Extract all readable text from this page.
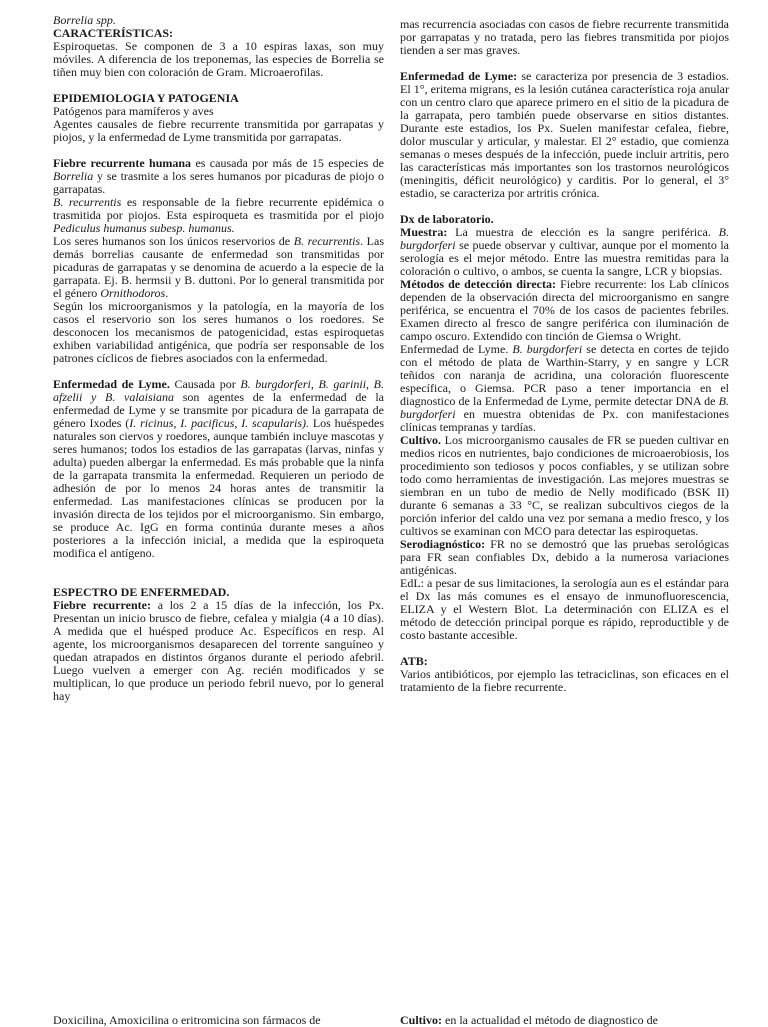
Borrelia spp.

CARACTERÍSTICAS:

Espiroquetas. Se componen de 3 a 10 espiras laxas, son muy móviles. A diferencia de los treponemas, las especies de Borrelia se tiñen muy bien con coloración de Gram. Microaerofilas.

EPIDEMIOLOGIA Y PATOGENIA

Patógenos para mamíferos y aves

Agentes causales de fiebre recurrente transmitida por garrapatas y piojos, y la enfermedad de Lyme transmitida por garrapatas.

Fiebre recurrente humana es causada por más de 15 especies de Borrelia y se trasmite a los seres humanos por picaduras de piojo o garrapatas.

B. recurrentis es responsable de la fiebre recurrente epidémica o trasmitida por piojos. Esta espiroqueta es trasmitida por el piojo Pediculus humanus subesp. humanus.

Los seres humanos son los únicos reservorios de B. recurrentis. Las demás borrelias causante de enfermedad son transmitidas por picaduras de garrapatas y se denomina de acuerdo a la especie de la garrapata. Ej. B. hermsii y B. duttoni. Por lo general transmitida por el género Ornithodoros.

Según los microorganismos y la patología, en la mayoría de los casos el reservorio son los seres humanos o los roedores. Se desconocen los mecanismos de patogenicidad, estas espiroquetas exhiben variabilidad antigénica, que podría ser responsable de los patrones cíclicos de fiebres asociados con la enfermedad.

Enfermedad de Lyme. Causada por B. burgdorferi, B. garinii, B. afzelii y B. valaisiana son agentes de la enfermedad de la enfermedad de Lyme y se transmite por picadura de la garrapata de género Ixodes (I. ricinus, I. pacificus, I. scapularis). Los huéspedes naturales son ciervos y roedores, aunque también incluye mascotas y seres humanos; todos los estadios de las garrapatas (larvas, ninfas y adulta) pueden albergar la enfermedad. Es más probable que la ninfa de la garrapata transmita la enfermedad. Requieren un periodo de adhesión de por lo menos 24 horas antes de transmitir la enfermedad. Las manifestaciones clínicas se producen por la invasión directa de los tejidos por el microorganismo. Sin embargo, se produce Ac. IgG en forma continúa durante meses a años posteriores a la infección inicial, a medida que la espiroqueta modifica el antígeno.

ESPECTRO DE ENFERMEDAD.

Fiebre recurrente: a los 2 a 15 días de la infección, los Px. Presentan un inicio brusco de fiebre, cefalea y mialgia (4 a 10 días). A medida que el huésped produce Ac. Específicos en resp. Al agente, los microorganismos desaparecen del torrente sanguíneo y quedan atrapados en distintos órganos durante el periodo afebril. Luego vuelven a emerger con Ag. recién modificados y se multiplican, lo que produce un periodo febril nuevo, por lo general hay

mas recurrencia asociadas con casos de fiebre recurrente transmitida por garrapatas y no tratada, pero las fiebres transmitida por piojos tienden a ser mas graves.

Enfermedad de Lyme: se caracteriza por presencia de 3 estadios. El 1°, eritema migrans, es la lesión cutánea característica roja anular con un centro claro que aparece primero en el sitio de la picadura de la garrapata, pero también puede observarse en sitios distantes. Durante este estadios, los Px. Suelen manifestar cefalea, fiebre, dolor muscular y articular, y malestar. El 2° estadio, que comienza semanas o meses después de la infección, puede incluir artritis, pero las características más importantes son los trastornos neurológicos (meningitis, déficit neurológico) y carditis. Por lo general, el 3° estadio, se caracteriza por artritis crónica.

Dx de laboratorio.

Muestra: La muestra de elección es la sangre periférica. B. burgdorferi se puede observar y cultivar, aunque por el momento la serología es el mejor método. Entre las muestra remitidas para la coloración o cultivo, o ambos, se cuenta la sangre, LCR y biopsias.

Métodos de detección directa: Fiebre recurrente: los Lab clínicos dependen de la observación directa del microorganismo en sangre periférica, se encuentra el 70% de los casos de pacientes febriles. Examen directo al fresco de sangre periférica con iluminación de campo oscuro. Extendido con tinción de Giemsa o Wright.

Enfermedad de Lyme. B. burgdorferi se detecta en cortes de tejido con el método de plata de Warthin-Starry, y en sangre y LCR teñidos con naranja de acridina, una coloración fluorescente específica, o Giemsa. PCR paso a tener importancia en el diagnostico de la Enfermedad de Lyme, permite detectar DNA de B. burgdorferi en muestra obtenidas de Px. con manifestaciones clínicas tempranas y tardías.

Cultivo. Los microorganismo causales de FR se pueden cultivar en medios ricos en nutrientes, bajo condiciones de microaerobiosis, los procedimiento son tediosos y pocos confiables, y se utilizan sobre todo como herramientas de investigación. Las mejores muestras se siembran en un tubo de medio de Nelly modificado (BSK II) durante 6 semanas a 33 °C, se realizan subcultivos ciegos de la porción inferior del caldo una vez por semana a medio fresco, y los cultivos se examinan con MCO para detectar las espiroquetas.

Serodiagnóstico: FR no se demostró que las pruebas serológicas para FR sean confiables Dx, debido a la numerosa variaciones antigénicas.

EdL: a pesar de sus limitaciones, la serología aun es el estándar para el Dx las más comunes es el ensayo de inmunofluorescencia, ELIZA y el Western Blot. La determinación con ELIZA es el método de detección principal porque es rápido, reproductible y de costo bastante accesible.

ATB:

Varios antibióticos, por ejemplo las tetraciclinas, son eficaces en el tratamiento de la fiebre recurrente.

Doxicilina, Amoxicilina o eritromicina son fármacos de	Cultivo: en la actualidad el método de diagnostico de
